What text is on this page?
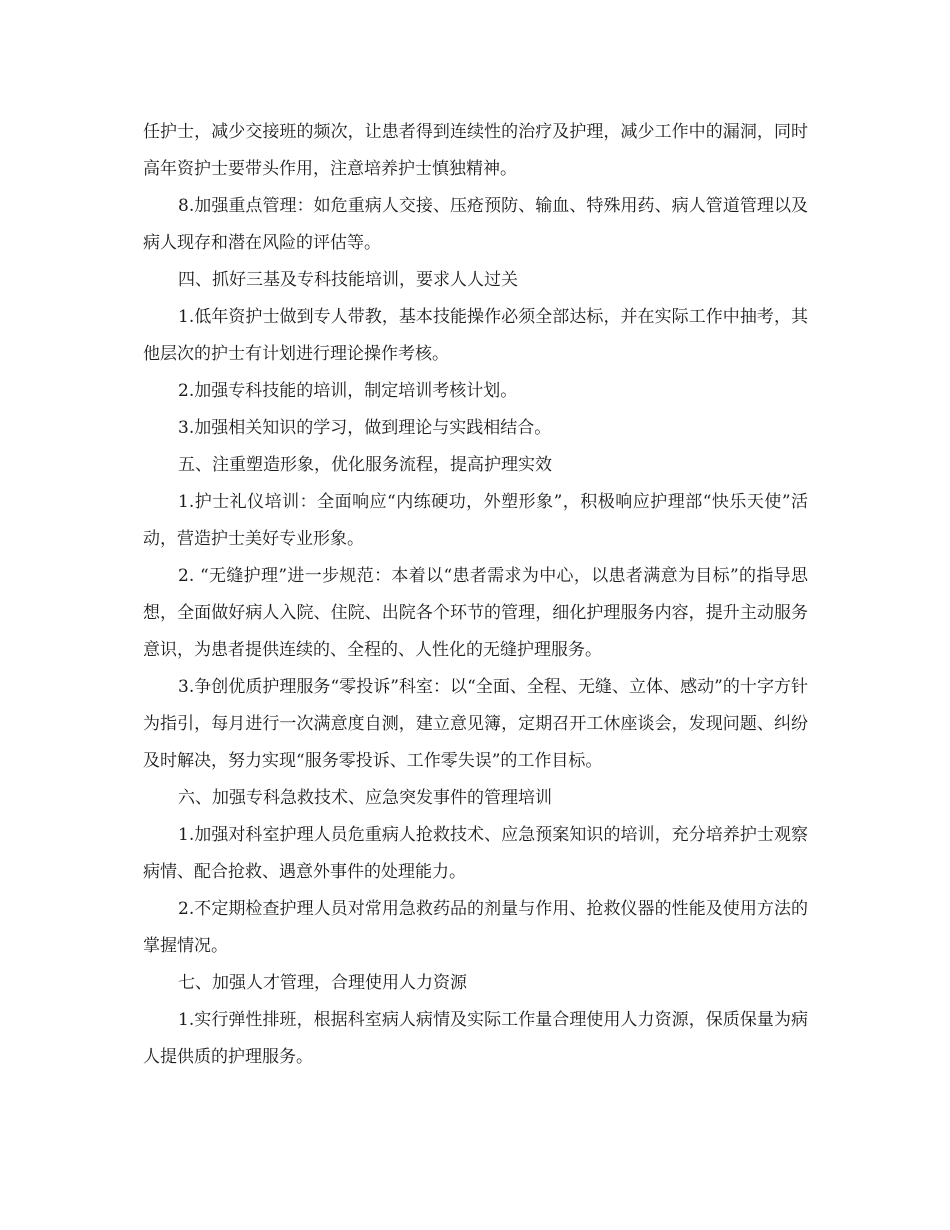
任护士，减少交接班的频次，让患者得到连续性的治疗及护理，减少工作中的漏洞，同时高年资护士要带头作用，注意培养护士慎独精神。

8.加强重点管理：如危重病人交接、压疮预防、输血、特殊用药、病人管道管理以及病人现存和潜在风险的评估等。

四、抓好三基及专科技能培训，要求人人过关

1.低年资护士做到专人带教，基本技能操作必须全部达标，并在实际工作中抽考，其他层次的护士有计划进行理论操作考核。

2.加强专科技能的培训，制定培训考核计划。

3.加强相关知识的学习，做到理论与实践相结合。

五、注重塑造形象，优化服务流程，提高护理实效

1.护士礼仪培训：全面响应“内练硬功，外塑形象”，积极响应护理部“快乐天使”活动，营造护士美好专业形象。

2. “无缝护理”进一步规范：本着以“患者需求为中心，以患者满意为目标”的指导思想，全面做好病人入院、住院、出院各个环节的管理，细化护理服务内容，提升主动服务意识，为患者提供连续的、全程的、人性化的无缝护理服务。

3.争创优质护理服务“零投诉”科室：以“全面、全程、无缝、立体、感动”的十字方针为指引，每月进行一次满意度自测，建立意见簿，定期召开工休座谈会，发现问题、纠纷及时解决，努力实现“服务零投诉、工作零失误”的工作目标。

六、加强专科急救技术、应急突发事件的管理培训

1.加强对科室护理人员危重病人抢救技术、应急预案知识的培训，充分培养护士观察病情、配合抢救、遇意外事件的处理能力。

2.不定期检查护理人员对常用急救药品的剂量与作用、抢救仪器的性能及使用方法的掌握情况。

七、加强人才管理，合理使用人力资源

1.实行弹性排班，根据科室病人病情及实际工作量合理使用人力资源，保质保量为病人提供质的护理服务。
